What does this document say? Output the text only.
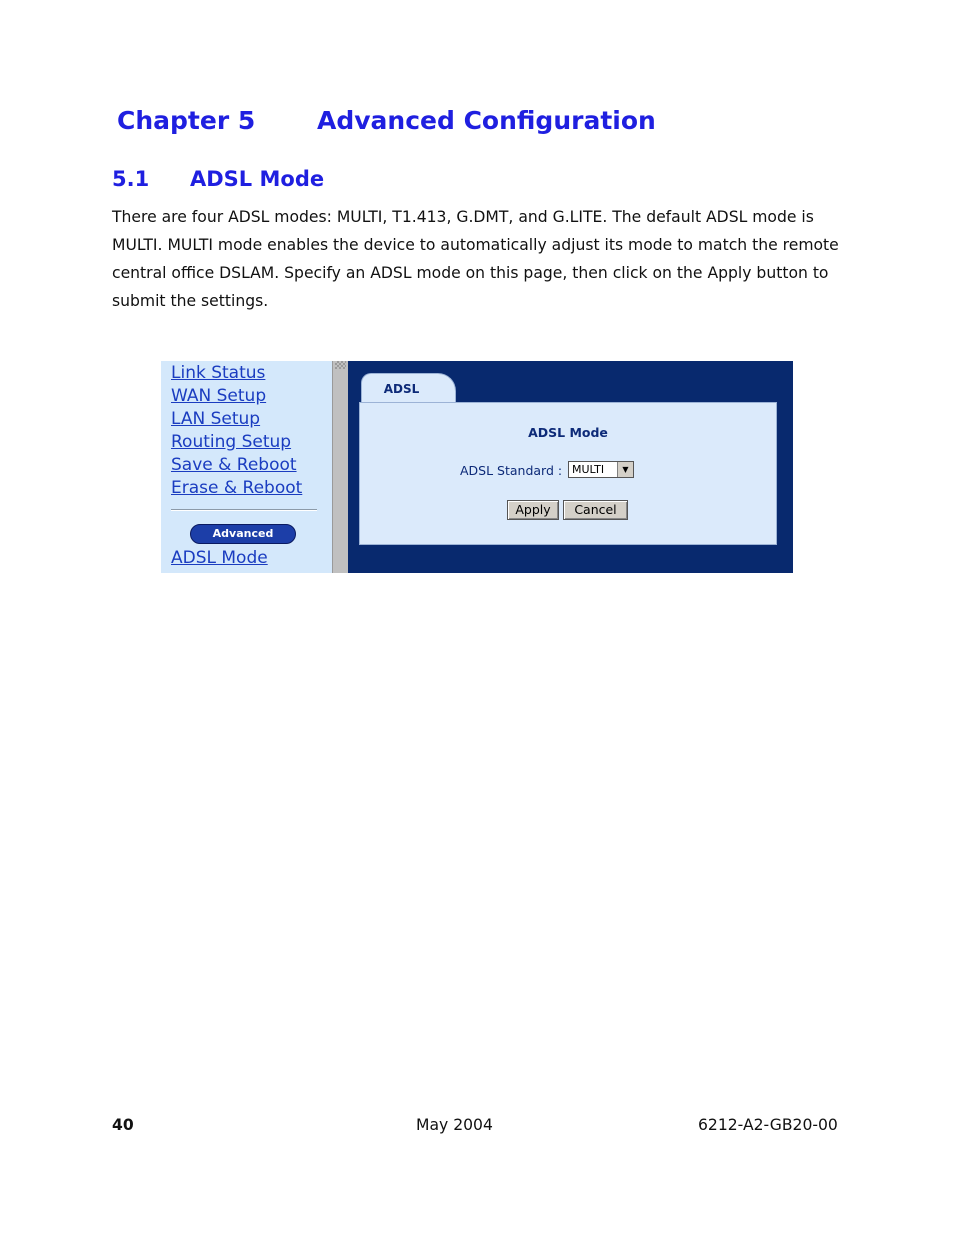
Chapter 5 Advanced Configuration
5.1 ADSL Mode

There are four ADSL modes: MULTI, T1.413, G.DMT, and G.LITE. The default ADSL mode is MULTI. MULTI mode enables the device to automatically adjust its mode to match the remote central office DSLAM. Specify an ADSL mode on this page, then click on the Apply button to submit the settings.

Link Status
WAN Setup
LAN Setup
Routing Setup
Save & Reboot
Erase & Reboot
Advanced
ADSL Mode
ADSL
ADSL Mode
ADSL Standard : MULTI	▼
Apply	Cancel
40	May 2004	6212-A2-GB20-00
